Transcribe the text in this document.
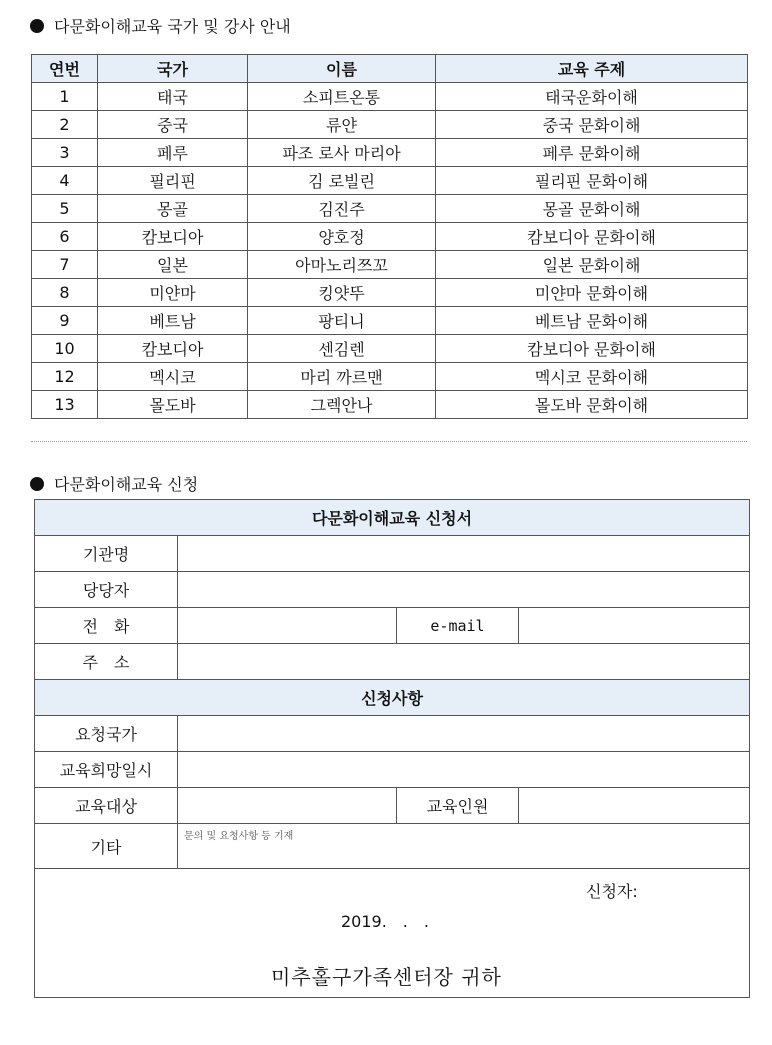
다문화이해교육 국가 및 강사 안내
연번	국가	이름	교육 주제
1	태국	소피트온통	태국운화이해
2	중국	류얀	중국 문화이해
3	페루	파조 로사 마리아	페루 문화이해
4	필리핀	김 로빌린	필리핀 문화이해
5	몽골	김진주	몽골 문화이해
6	캄보디아	양호정	캄보디아 문화이해
7	일본	아마노리쯔꼬	일본 문화이해
8	미얀마	킹얏뚜	미얀마 문화이해
9	베트남	팡티니	베트남 문화이해
10	캄보디아	센김렌	캄보디아 문화이해
12	멕시코	마리 까르맨	멕시코 문화이해
13	몰도바	그렉안나	몰도바 문화이해
다문화이해교육 신청
다문화이해교육 신청서			
기관명			
당당자			
전　화		e-mail	
주　소			
신청사항			
요청국가			
교육희망일시			
교육대상		교육인원	
기타	문의 및 요청사항 등 기재		

신청자:
2019.　.　.
미추홀구가족센터장 귀하			
